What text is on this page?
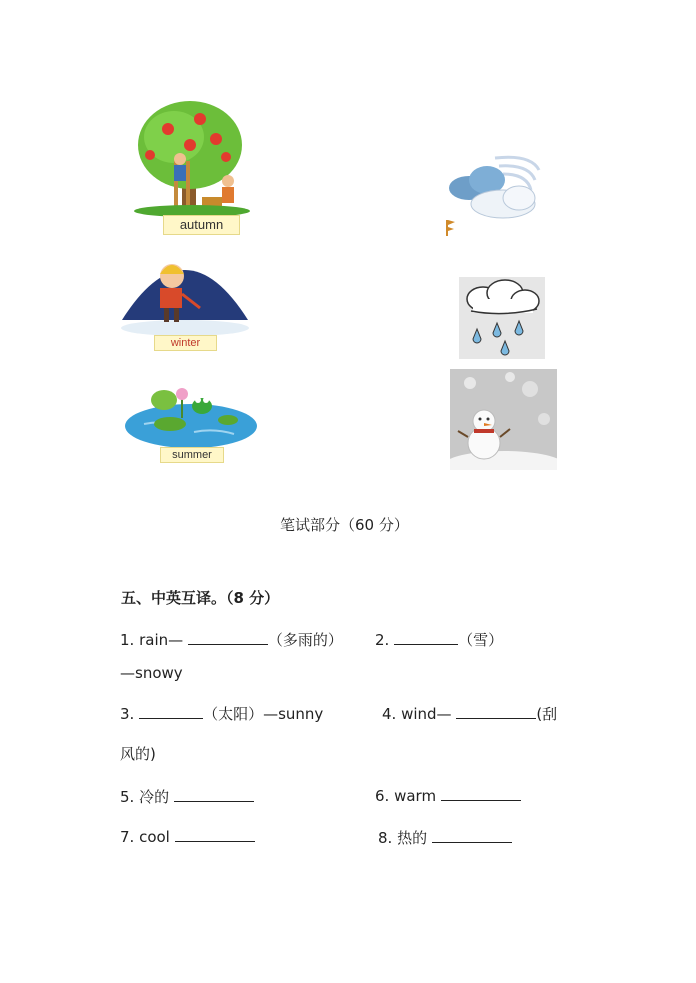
autumn
winter
summer
笔试部分（60 分）
五、中英互译。（8 分）
1. rain—	（多雨的） 2.	（雪）
—snowy
3.	（太阳）—sunny	4. wind—	(刮
风的)
5. 冷的	6. warm
7. cool	8. 热的
